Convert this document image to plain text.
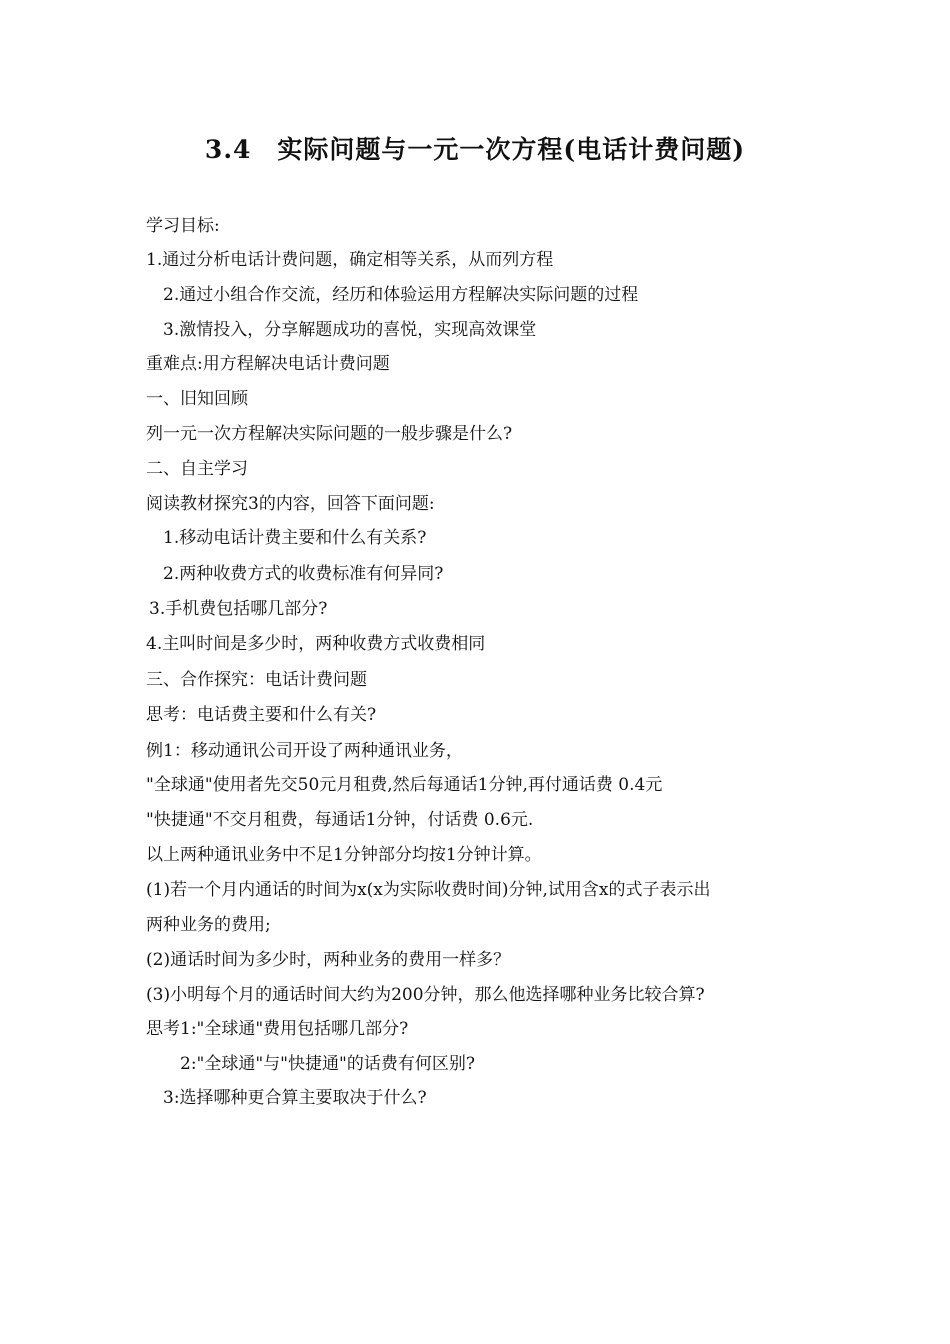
3.4　实际问题与一元一次方程(电话计费问题)
学习目标:
1.通过分析电话计费问题，确定相等关系，从而列方程
2.通过小组合作交流，经历和体验运用方程解决实际问题的过程
3.激情投入，分享解题成功的喜悦，实现高效课堂
重难点:用方程解决电话计费问题
一、旧知回顾
列一元一次方程解决实际问题的一般步骤是什么?
二、自主学习
阅读教材探究3的内容，回答下面问题:
1.移动电话计费主要和什么有关系?
2.两种收费方式的收费标准有何异同?
3.手机费包括哪几部分?
4.主叫时间是多少时，两种收费方式收费相同
三、合作探究：电话计费问题
思考：电话费主要和什么有关?
例1：移动通讯公司开设了两种通讯业务，
"全球通"使用者先交50元月租费,然后每通话1分钟,再付通话费 0.4元
"快捷通"不交月租费，每通话1分钟，付话费 0.6元.
以上两种通讯业务中不足1分钟部分均按1分钟计算。
(1)若一个月内通话的时间为x(x为实际收费时间)分钟,试用含x的式子表示出
两种业务的费用;
(2)通话时间为多少时，两种业务的费用一样多？
(3)小明每个月的通话时间大约为200分钟，那么他选择哪种业务比较合算?
思考1:"全球通"费用包括哪几部分?
2:"全球通"与"快捷通"的话费有何区别?
3:选择哪种更合算主要取决于什么?
